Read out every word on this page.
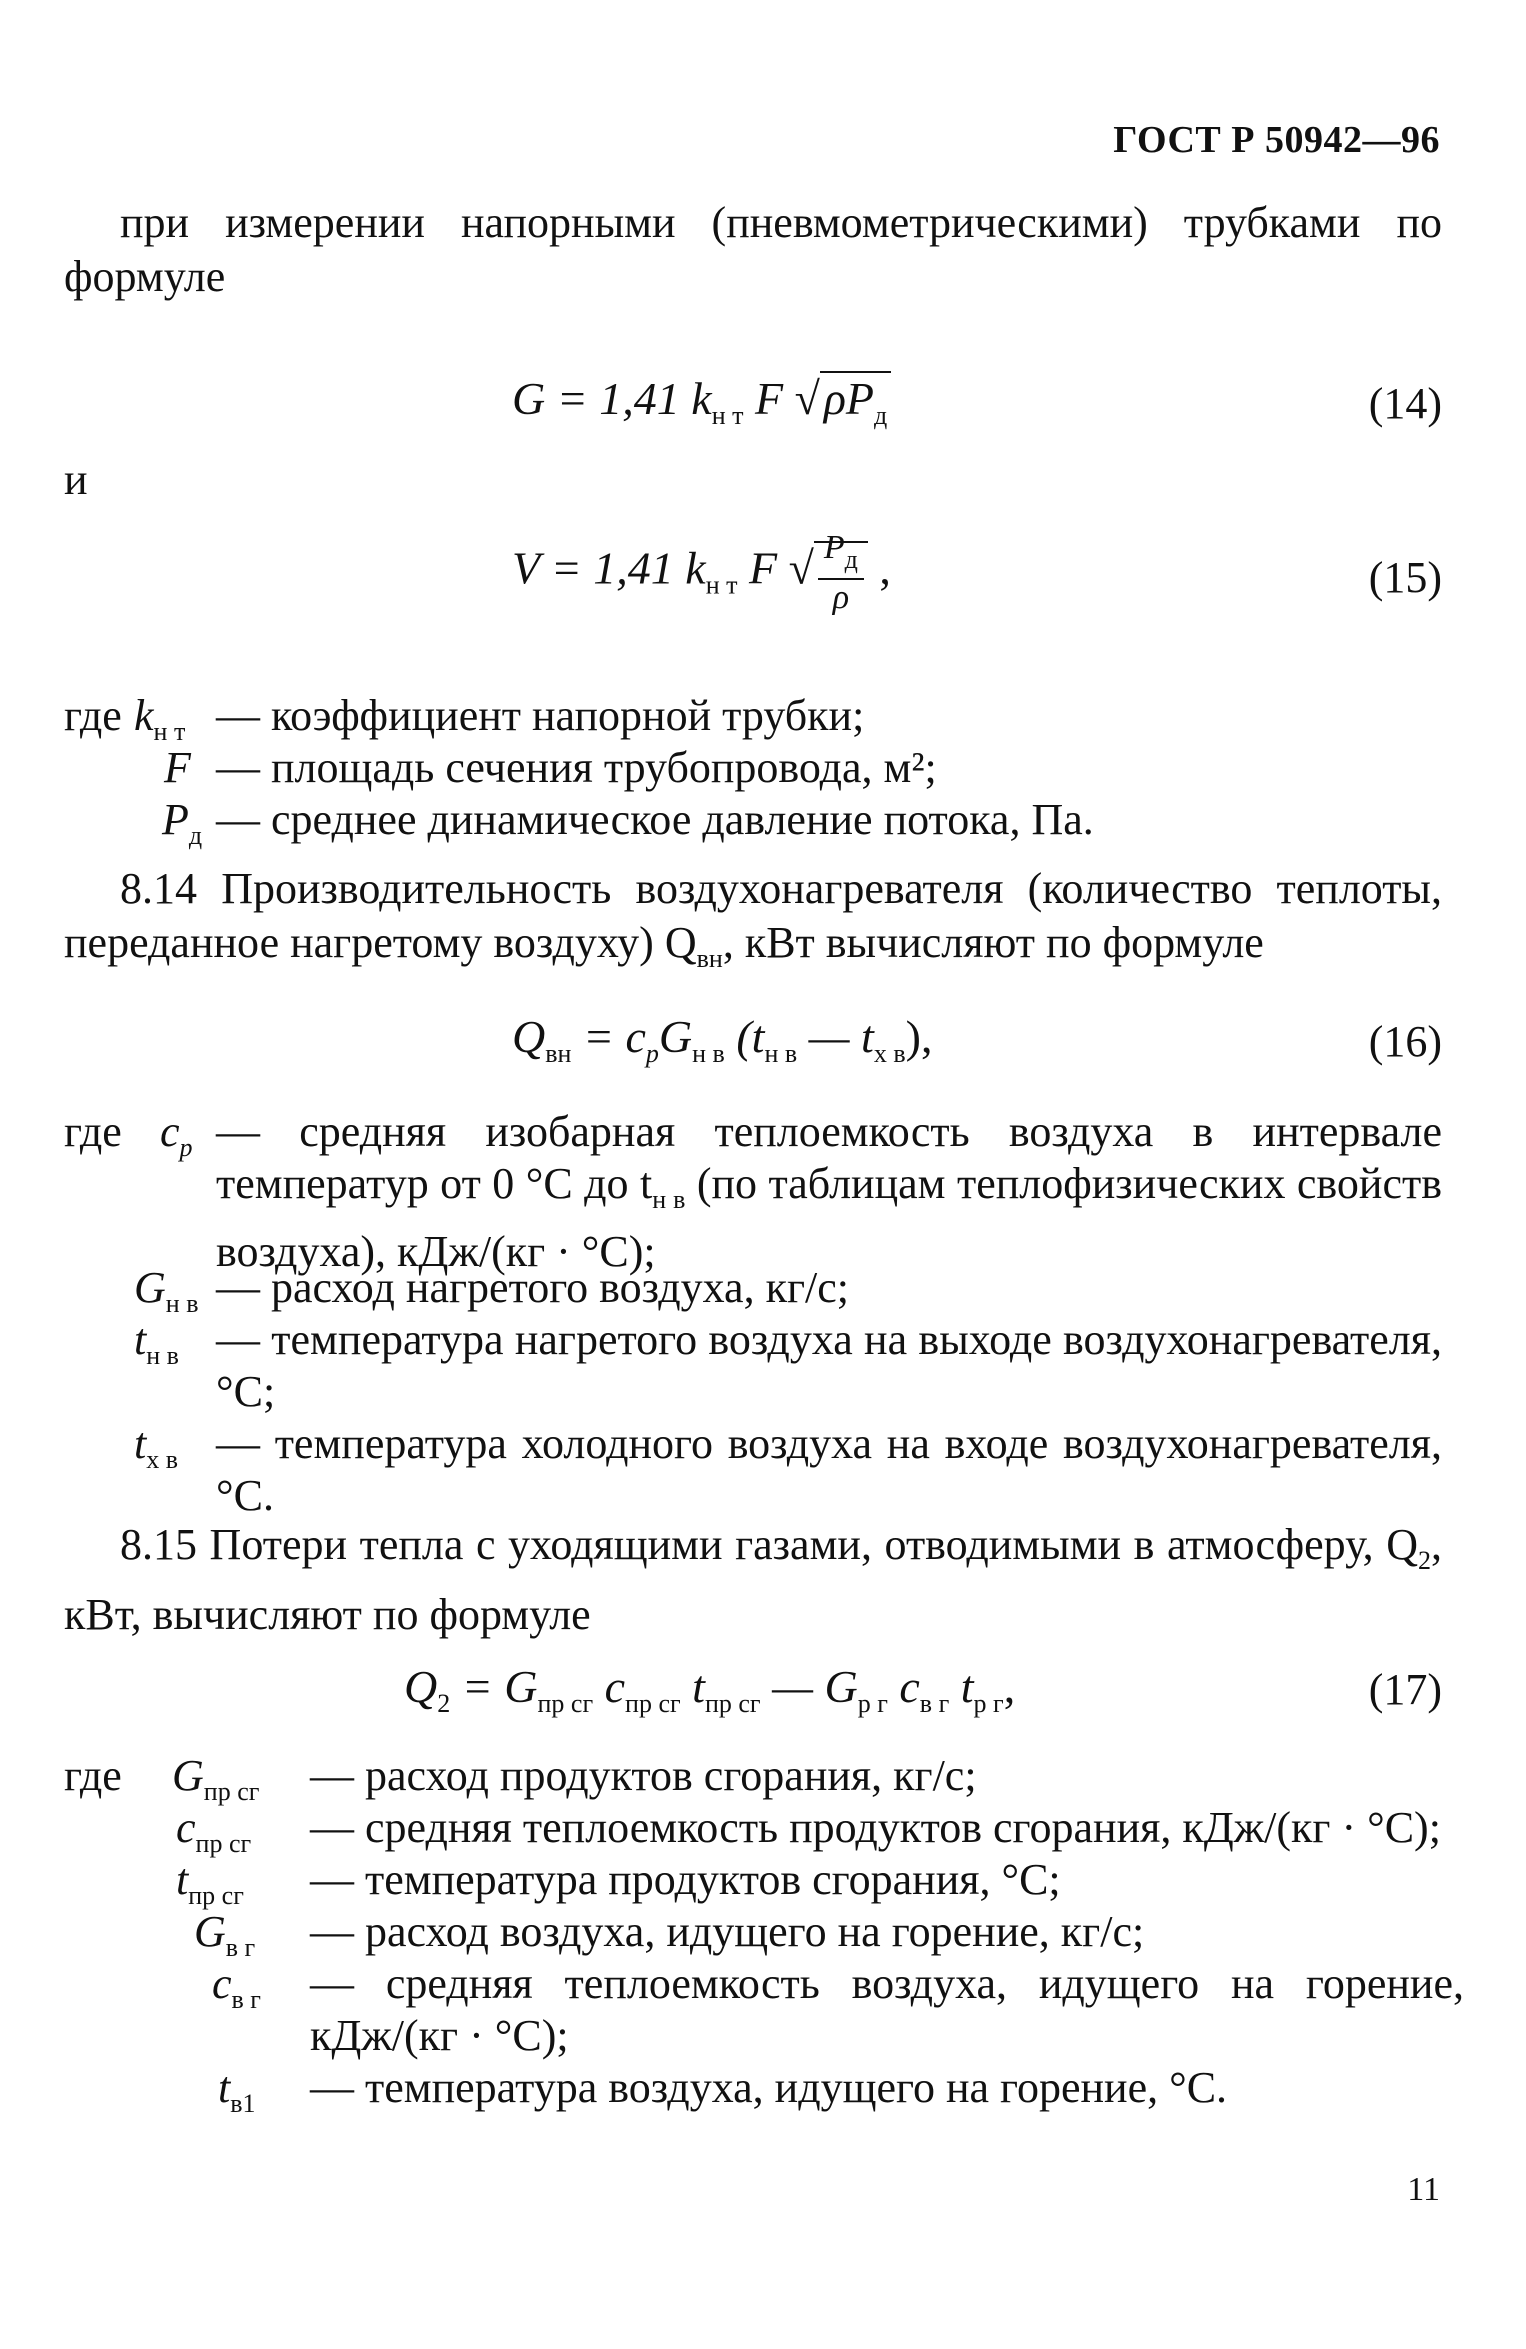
ГОСТ Р 50942—96
при измерении напорными (пневмометрическими) трубками по формуле
G = 1,41 $k_{н т}$ F $√\rho P_д$	(14)
и
V = 1,41 $k_{н т}$ F √ $\frac{P_д}{\rho}$ ,	(15)
где $k_{н т}$ — коэффициент напорной трубки;
F — площадь сечения трубопровода, м²;
$P_д$ — среднее динамическое давление потока, Па.
8.14 Производительность воздухонагревателя (количество теплоты, переданное нагретому воздуху) $Q_{вн}$, кВт вычисляют по формуле
$Q_{вн} = c_pG_{н в}$ ($t_{н в}$ — $t_{х в}$),	(16)
где $c_p$ — средняя изобарная теплоемкость воздуха в интервале температур от 0 °C до $t_{н в}$ (по таблицам теплофизических свойств воздуха), кДж/(кг · °С);
$G_{н в}$ — расход нагретого воздуха, кг/с;
$t_{н в}$ — температура нагретого воздуха на выходе воздухонагревателя, °С;
$t_{х в}$ — температура холодного воздуха на входе воздухонагревателя, °С.
8.15 Потери тепла с уходящими газами, отводимыми в атмосферу, $Q_2$, кВт, вычисляют по формуле
$Q_2 = G_{пр сг}$ $c_{пр сг}$ $t_{пр сг}$ — $G_{р г}$ $c_{в г}$ $t_{р г}$,	(17)
где $G_{пр сг}$ — расход продуктов сгорания, кг/с;
$c_{пр сг}$ — средняя теплоемкость продуктов сгорания, кДж/(кг · °С);
$t_{пр сг}$ — температура продуктов сгорания, °С;
$G_{в г}$ — расход воздуха, идущего на горение, кг/с;
$c_{в г}$ — средняя теплоемкость воздуха, идущего на горение, кДж/(кг · °С);
$t_{в1}$ — температура воздуха, идущего на горение, °С.
11
